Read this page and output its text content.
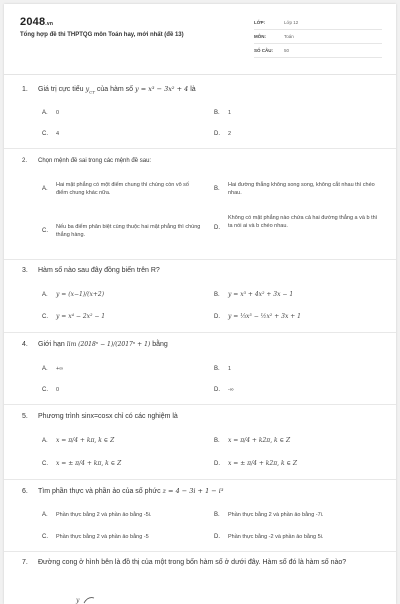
2048.vn
Tổng hợp đề thi THPTQG môn Toán hay, mới nhất (đề 13)
LỚP:	Lớp 12
MÔN:	Toán
SỐ CÂU: 50
1. Giá trị cực tiểu $y_{CT}$ của hàm số y = x³ − 3x² + 4 là
A. 0	B. 1
C. 4	D. 2
2. Chọn mệnh đề sai trong các mệnh đề sau:
A.
Hai mặt phẳng có một điểm chung thì chúng còn vô số điểm chung khác nữa.
B.
Hai đường thẳng không song song, không cắt nhau thì chéo nhau.
C.
Nếu ba điểm phân biệt cùng thuộc hai mặt phẳng thì chúng thẳng hàng.
D.
Không có mặt phẳng nào chứa cả hai đường thẳng a và b thì ta nói ai và b chéo nhau.
3. Hàm số nào sau đây đồng biến trên R?
A. y = (x−1)/(x+2)	B. y = x³ + 4x² + 3x − 1
C. y = x⁴ − 2x² − 1	D. y = ⅓x³ − ½x² + 3x + 1
4. Giới hạn lim (2018ⁿ − 1)/(2017ⁿ + 1) bằng
A. +∞	B. 1
C. 0	D. -∞
5. Phương trình sinx=cosx chỉ có các nghiệm là
A. x = π/4 + kπ, k ∈ Z	B. x = π/4 + k2π, k ∈ Z
C. x = ± π/4 + kπ, k ∈ Z	D. x = ± π/4 + k2π, k ∈ Z
6. Tìm phần thực và phần ảo của số phức z = 4 − 3i + 1 − i³
A. Phần thực bằng 2 và phần ảo bằng -5i.	B. Phần thực bằng 2 và phần ảo bằng -7i.
C. Phần thực bằng 2 và phần ảo bằng -5	D. Phần thực bằng -2 và phần ảo bằng 5i.
7.	Đường cong ở hình bên là đồ thị của một trong bốn hàm số ở dưới đây. Hàm số đó là hàm số nào?
y
